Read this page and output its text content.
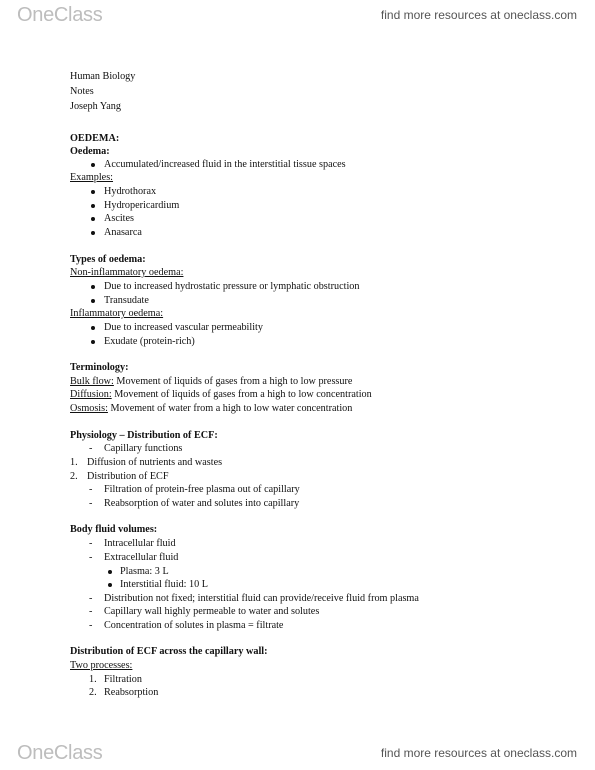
OneClass	find more resources at oneclass.com
Human Biology
Notes
Joseph Yang
OEDEMA:
Oedema:
Accumulated/increased fluid in the interstitial tissue spaces
Examples:
Hydrothorax
Hydropericardium
Ascites
Anasarca
Types of oedema:
Non-inflammatory oedema:
Due to increased hydrostatic pressure or lymphatic obstruction
Transudate
Inflammatory oedema:
Due to increased vascular permeability
Exudate (protein-rich)
Terminology:
Bulk flow: Movement of liquids of gases from a high to low pressure
Diffusion: Movement of liquids of gases from a high to low concentration
Osmosis: Movement of water from a high to low water concentration
Physiology – Distribution of ECF:
- Capillary functions
1. Diffusion of nutrients and wastes
2. Distribution of ECF
- Filtration of protein-free plasma out of capillary
- Reabsorption of water and solutes into capillary
Body fluid volumes:
- Intracellular fluid
- Extracellular fluid
Plasma: 3 L
Interstitial fluid: 10 L
- Distribution not fixed; interstitial fluid can provide/receive fluid from plasma
- Capillary wall highly permeable to water and solutes
- Concentration of solutes in plasma = filtrate
Distribution of ECF across the capillary wall:
Two processes:
1. Filtration
2. Reabsorption
OneClass	find more resources at oneclass.com
